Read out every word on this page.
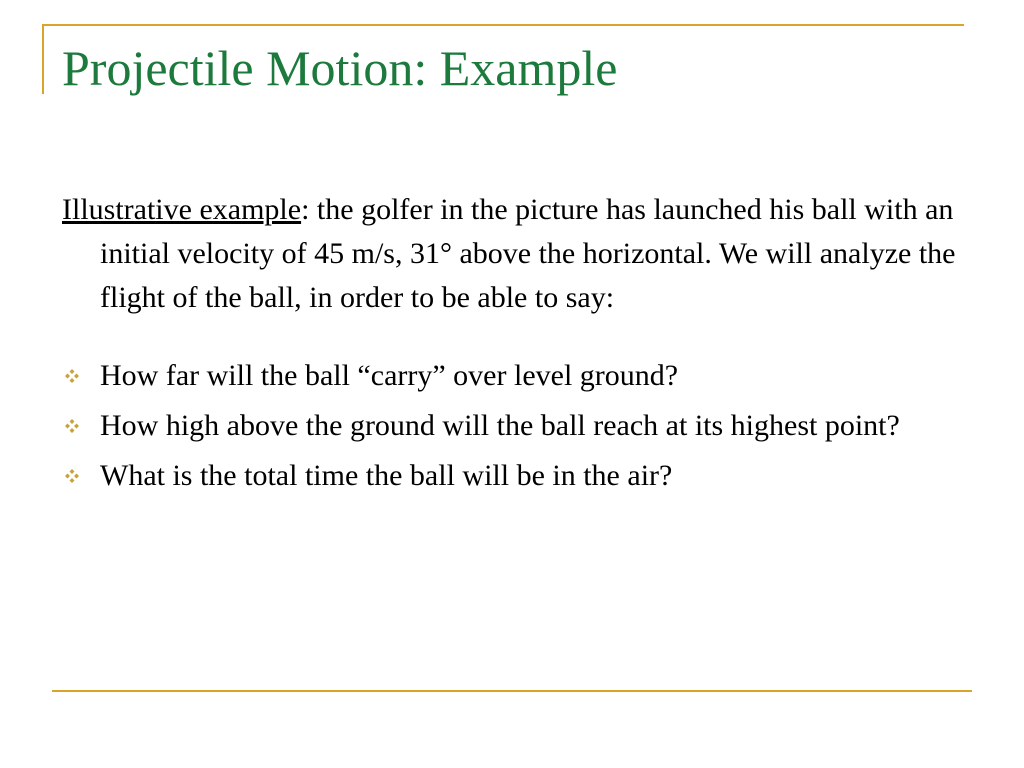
Projectile Motion: Example

Illustrative example: the golfer in the picture has launched his ball with an initial velocity of 45 m/s, 31° above the horizontal. We will analyze the flight of the ball, in order to be able to say:

How far will the ball “carry” over level ground?
How high above the ground will the ball reach at its highest point?
What is the total time the ball will be in the air?
